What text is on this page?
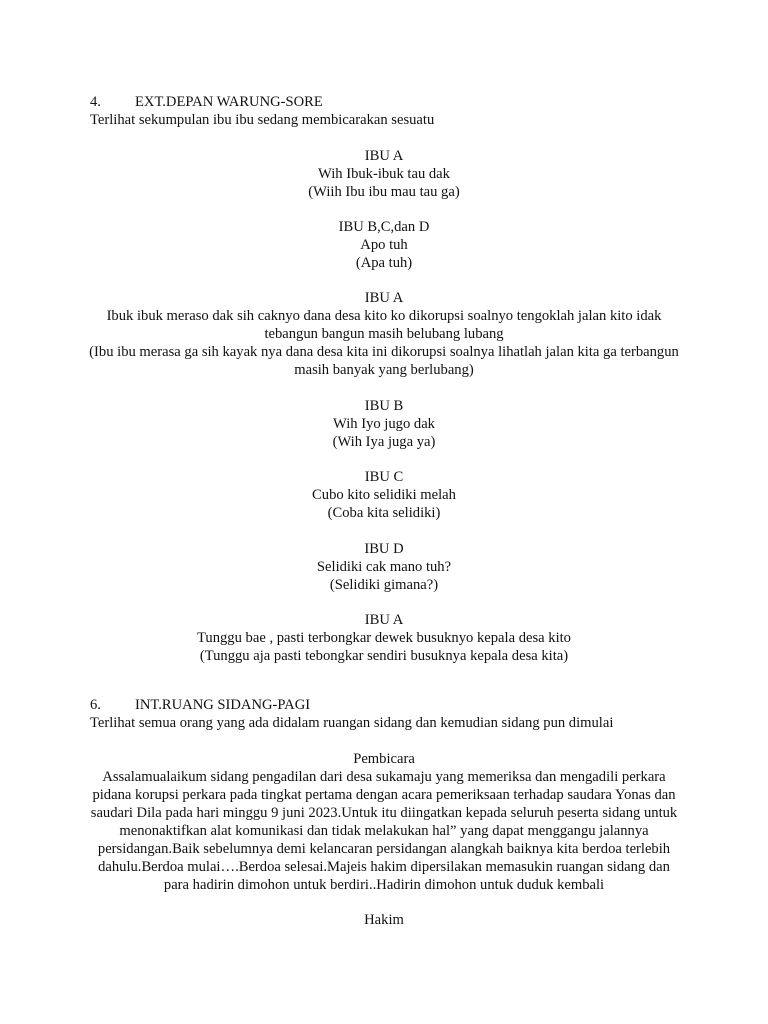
4. EXT.DEPAN WARUNG-SORE
Terlihat sekumpulan ibu ibu sedang membicarakan sesuatu
IBU A
Wih Ibuk-ibuk tau dak
(Wiih Ibu ibu mau tau ga)
IBU B,C,dan D
Apo tuh
(Apa tuh)
IBU A
Ibuk ibuk meraso dak sih caknyo dana desa kito ko dikorupsi soalnyo tengoklah jalan kito idak tebangun bangun masih belubang lubang
(Ibu ibu merasa ga sih kayak nya dana desa kita ini dikorupsi soalnya lihatlah jalan kita ga terbangun masih banyak yang berlubang)
IBU B
Wih Iyo jugo dak
(Wih Iya juga ya)
IBU C
Cubo kito selidiki melah
(Coba kita selidiki)
IBU D
Selidiki cak mano tuh?
(Selidiki gimana?)
IBU A
Tunggu bae , pasti terbongkar dewek busuknyo kepala desa kito
(Tunggu aja pasti tebongkar sendiri busuknya kepala desa kita)
6. INT.RUANG SIDANG-PAGI
Terlihat semua orang yang ada didalam ruangan sidang dan kemudian sidang pun dimulai
Pembicara
Assalamualaikum sidang pengadilan dari desa sukamaju yang memeriksa dan mengadili perkara pidana korupsi perkara pada tingkat pertama dengan acara pemeriksaan terhadap saudara Yonas dan saudari Dila pada hari minggu 9 juni 2023.Untuk itu diingatkan kepada seluruh peserta sidang untuk menonaktifkan alat komunikasi dan tidak melakukan hal” yang dapat menggangu jalannya persidangan.Baik sebelumnya demi kelancaran persidangan alangkah baiknya kita berdoa terlebih dahulu.Berdoa mulai….Berdoa selesai.Majeis hakim dipersilakan memasukin ruangan sidang dan para hadirin dimohon untuk berdiri..Hadirin dimohon untuk duduk kembali
Hakim
